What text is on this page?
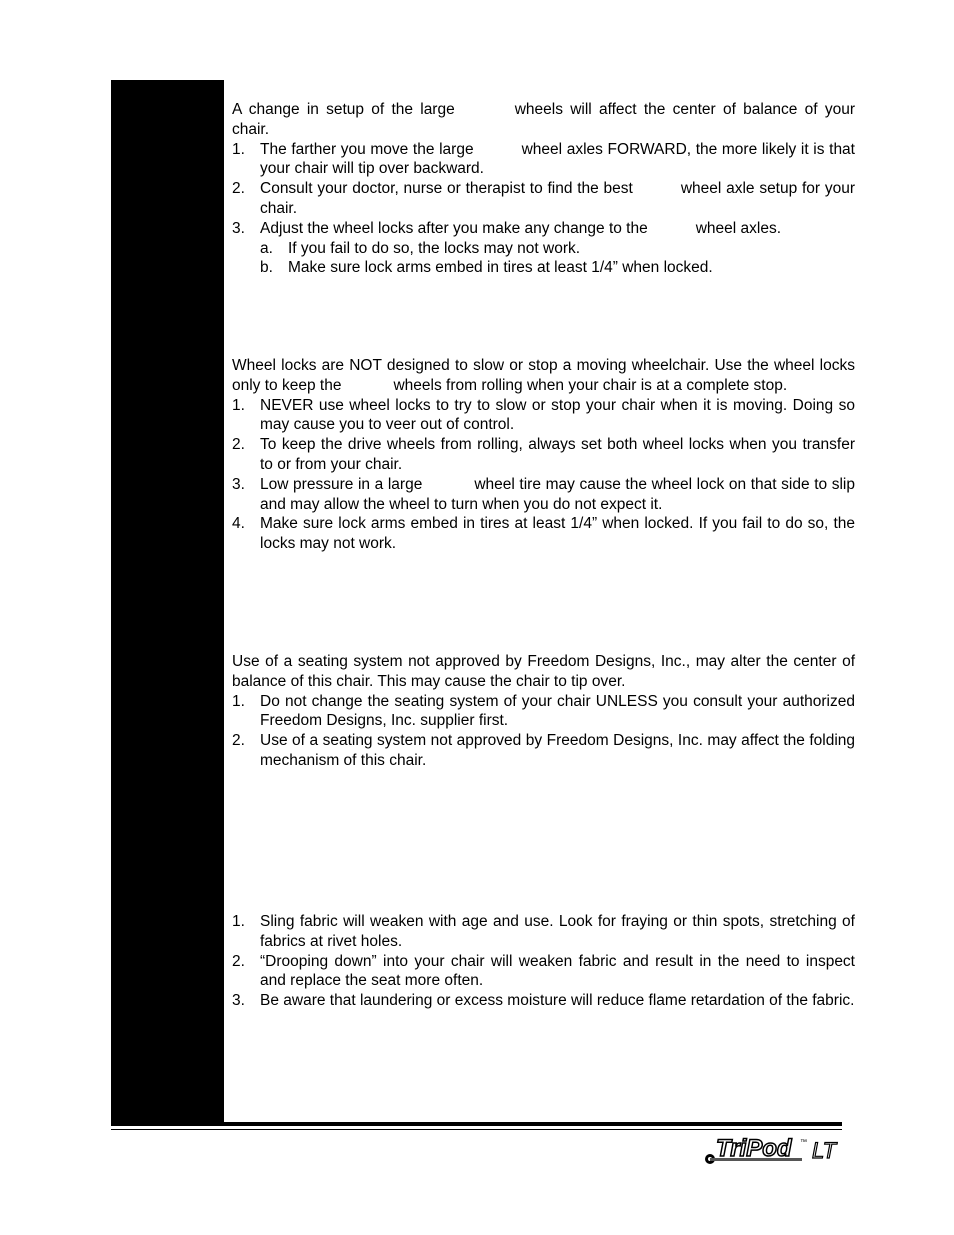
A change in setup of the large	wheels will affect the center of balance of your chair.

1. The farther you move the large	wheel axles FORWARD, the more likely it is that your chair will tip over backward.
2. Consult your doctor, nurse or therapist to find the best	wheel axle setup for your chair.
3. Adjust the wheel locks after you make any change to the	wheel axles.
a. If you fail to do so, the locks may not work.
b. Make sure lock arms embed in tires at least 1/4” when locked.

Wheel locks are NOT designed to slow or stop a moving wheelchair. Use the wheel locks only to keep the	wheels from rolling when your chair is at a complete stop.

1. NEVER use wheel locks to try to slow or stop your chair when it is moving. Doing so may cause you to veer out of control.
2. To keep the drive wheels from rolling, always set both wheel locks when you transfer to or from your chair.
3. Low pressure in a large	wheel tire may cause the wheel lock on that side to slip and may allow the wheel to turn when you do not expect it.
4. Make sure lock arms embed in tires at least 1/4” when locked. If you fail to do so, the locks may not work.

Use of a seating system not approved by Freedom Designs, Inc., may alter the center of balance of this chair. This may cause the chair to tip over.

1. Do not change the seating system of your chair UNLESS you consult your authorized Freedom Designs, Inc. supplier first.
2. Use of a seating system not approved by Freedom Designs, Inc. may affect the folding mechanism of this chair.
1. Sling fabric will weaken with age and use. Look for fraying or thin spots, stretching of fabrics at rivet holes.
2. “Drooping down” into your chair will weaken fabric and result in the need to inspect and replace the seat more often.
3. Be aware that laundering or excess moisture will reduce flame retardation of the fabric.
TriPod ™ LT
